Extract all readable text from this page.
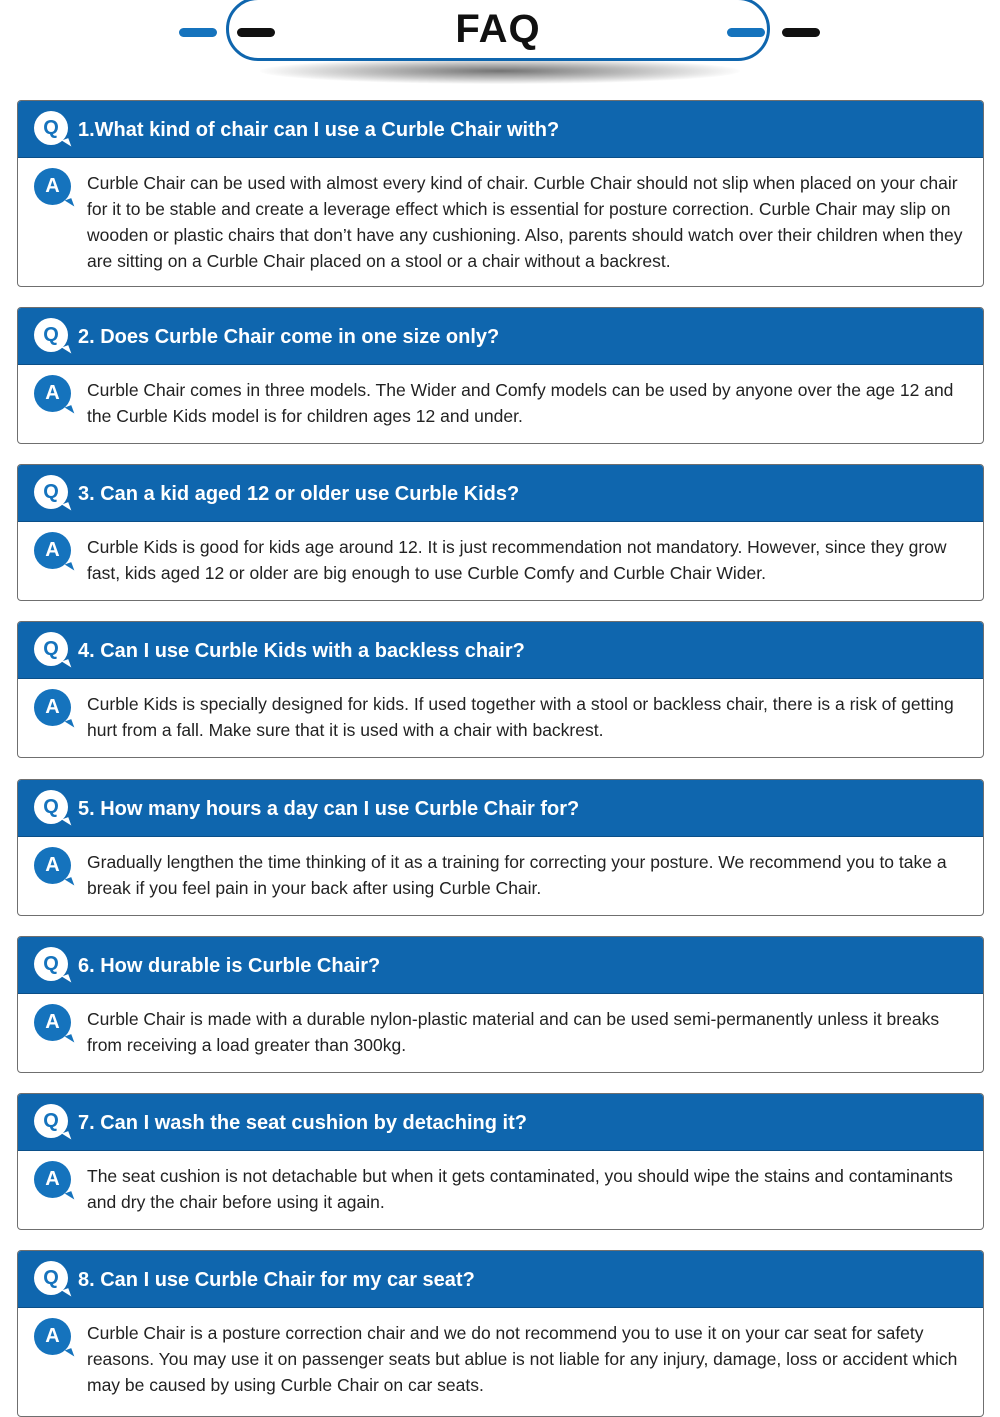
FAQ
Q 1.What kind of chair can I use a Curble Chair with?
A	Curble Chair can be used with almost every kind of chair. Curble Chair should not slip when placed on your chair for it to be stable and create a leverage effect which is essential for posture correction. Curble Chair may slip on wooden or plastic chairs that don’t have any cushioning. Also, parents should watch over their children when they are sitting on a Curble Chair placed on a stool or a chair without a backrest.

Q 2. Does Curble Chair come in one size only?
A	Curble Chair comes in three models. The Wider and Comfy models can be used by anyone over the age 12 and the Curble Kids model is for children ages 12 and under.

Q 3. Can a kid aged 12 or older use Curble Kids?
A	Curble Kids is good for kids age around 12. It is just recommendation not mandatory. However, since they grow fast, kids aged 12 or older are big enough to use Curble Comfy and Curble Chair Wider.

Q 4. Can I use Curble Kids with a backless chair?
A	Curble Kids is specially designed for kids. If used together with a stool or backless chair, there is a risk of getting hurt from a fall. Make sure that it is used with a chair with backrest.

Q 5. How many hours a day can I use Curble Chair for?
A	Gradually lengthen the time thinking of it as a training for correcting your posture. We recommend you to take a break if you feel pain in your back after using Curble Chair.

Q 6. How durable is Curble Chair?
A	Curble Chair is made with a durable nylon-plastic material and can be used semi-permanently unless it breaks from receiving a load greater than 300kg.

Q 7. Can I wash the seat cushion by detaching it?
A	The seat cushion is not detachable but when it gets contaminated, you should wipe the stains and contaminants and dry the chair before using it again.

Q 8. Can I use Curble Chair for my car seat?
A	Curble Chair is a posture correction chair and we do not recommend you to use it on your car seat for safety reasons. You may use it on passenger seats but ablue is not liable for any injury, damage, loss or accident which may be caused by using Curble Chair on car seats.
